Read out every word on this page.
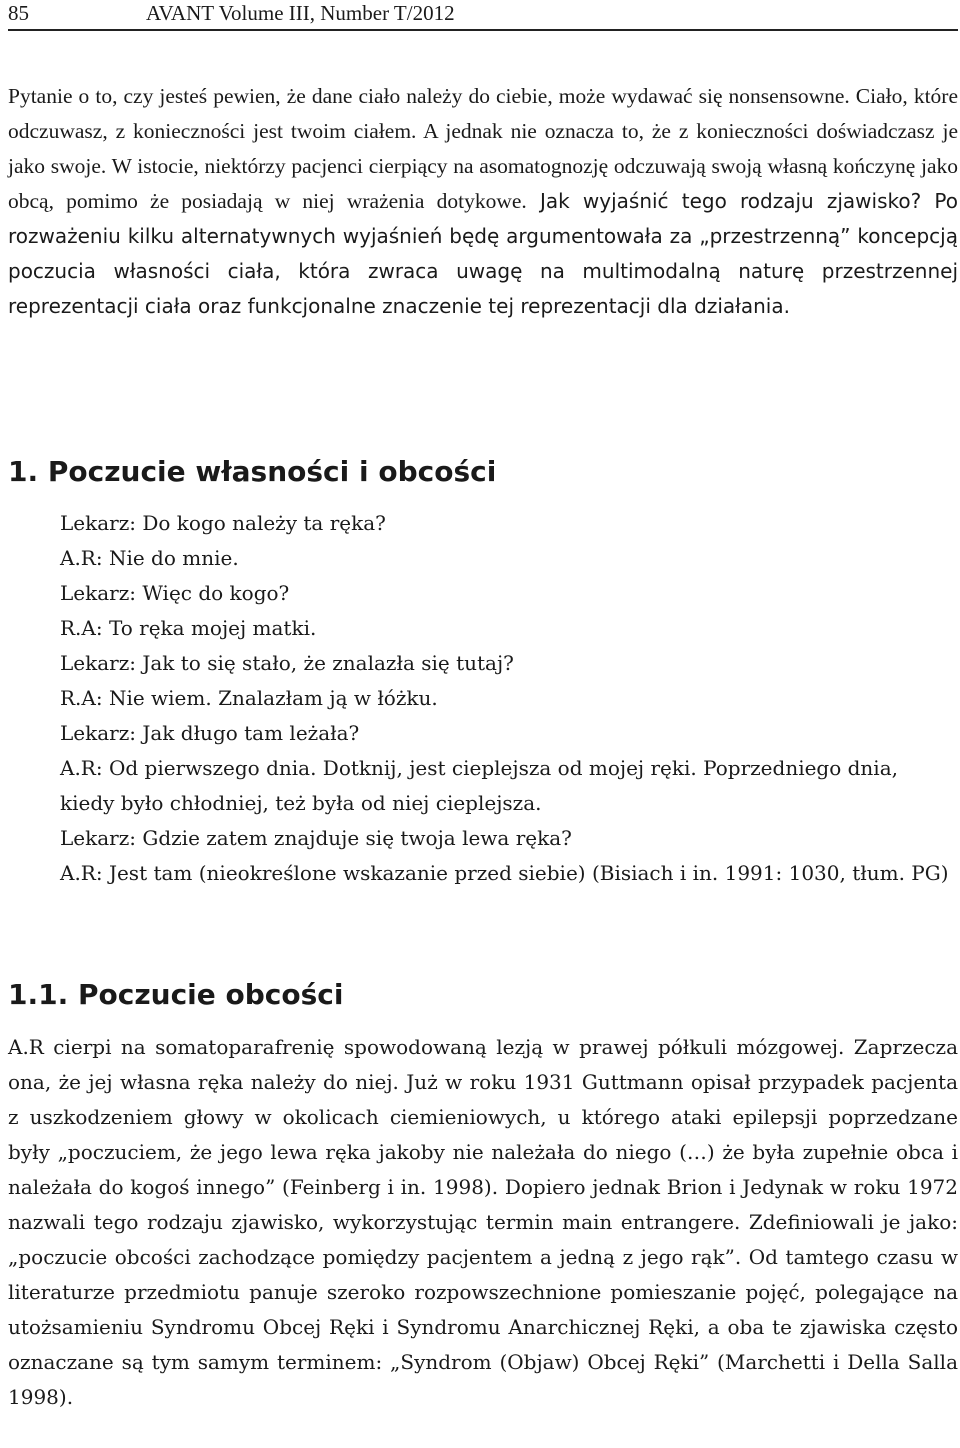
85	AVANT Volume III, Number T/2012

Pytanie o to, czy jesteś pewien, że dane ciało należy do ciebie, może wydawać się nonsensowne. Ciało, które odczuwasz, z konieczności jest twoim ciałem. A jednak nie oznacza to, że z konieczności doświadczasz je jako swoje. W istocie, niektórzy pacjenci cierpiący na asomatognozję odczuwają swoją własną kończynę jako obcą, pomimo że posiadają w niej wrażenia dotykowe. Jak wyjaśnić tego rodzaju zjawisko? Po rozważeniu kilku alternatywnych wyjaśnień będę argumentowała za „przestrzenną” koncepcją poczucia własności ciała, która zwraca uwagę na multimodalną naturę przestrzennej reprezentacji ciała oraz funkcjonalne znaczenie tej reprezentacji dla działania.

1. Poczucie własności i obcości

Lekarz: Do kogo należy ta ręka?

A.R: Nie do mnie.

Lekarz: Więc do kogo?

R.A: To ręka mojej matki.

Lekarz: Jak to się stało, że znalazła się tutaj?

R.A: Nie wiem. Znalazłam ją w łóżku.

Lekarz: Jak długo tam leżała?

A.R: Od pierwszego dnia. Dotknij, jest cieplejsza od mojej ręki. Poprzedniego dnia, kiedy było chłodniej, też była od niej cieplejsza.

Lekarz: Gdzie zatem znajduje się twoja lewa ręka?

A.R: Jest tam (nieokreślone wskazanie przed siebie) (Bisiach i in. 1991: 1030, tłum. PG)

1.1. Poczucie obcości

A.R cierpi na somatoparafrenię spowodowaną lezją w prawej półkuli mózgowej. Zaprzecza ona, że jej własna ręka należy do niej. Już w roku 1931 Guttmann opisał przypadek pacjenta z uszkodzeniem głowy w okolicach ciemieniowych, u którego ataki epilepsji poprzedzane były „poczuciem, że jego lewa ręka jakoby nie należała do niego (…) że była zupełnie obca i należała do kogoś innego” (Feinberg i in. 1998). Dopiero jednak Brion i Jedynak w roku 1972 nazwali tego rodzaju zjawisko, wykorzystując termin main entrangere. Zdefiniowali je jako: „poczucie obcości zachodzące pomiędzy pacjentem a jedną z jego rąk”. Od tamtego czasu w literaturze przedmiotu panuje szeroko rozpowszechnione pomieszanie pojęć, polegające na utożsamieniu Syndromu Obcej Ręki i Syndromu Anarchicznej Ręki, a oba te zjawiska często oznaczane są tym samym terminem: „Syndrom (Objaw) Obcej Ręki” (Marchetti i Della Salla 1998).
